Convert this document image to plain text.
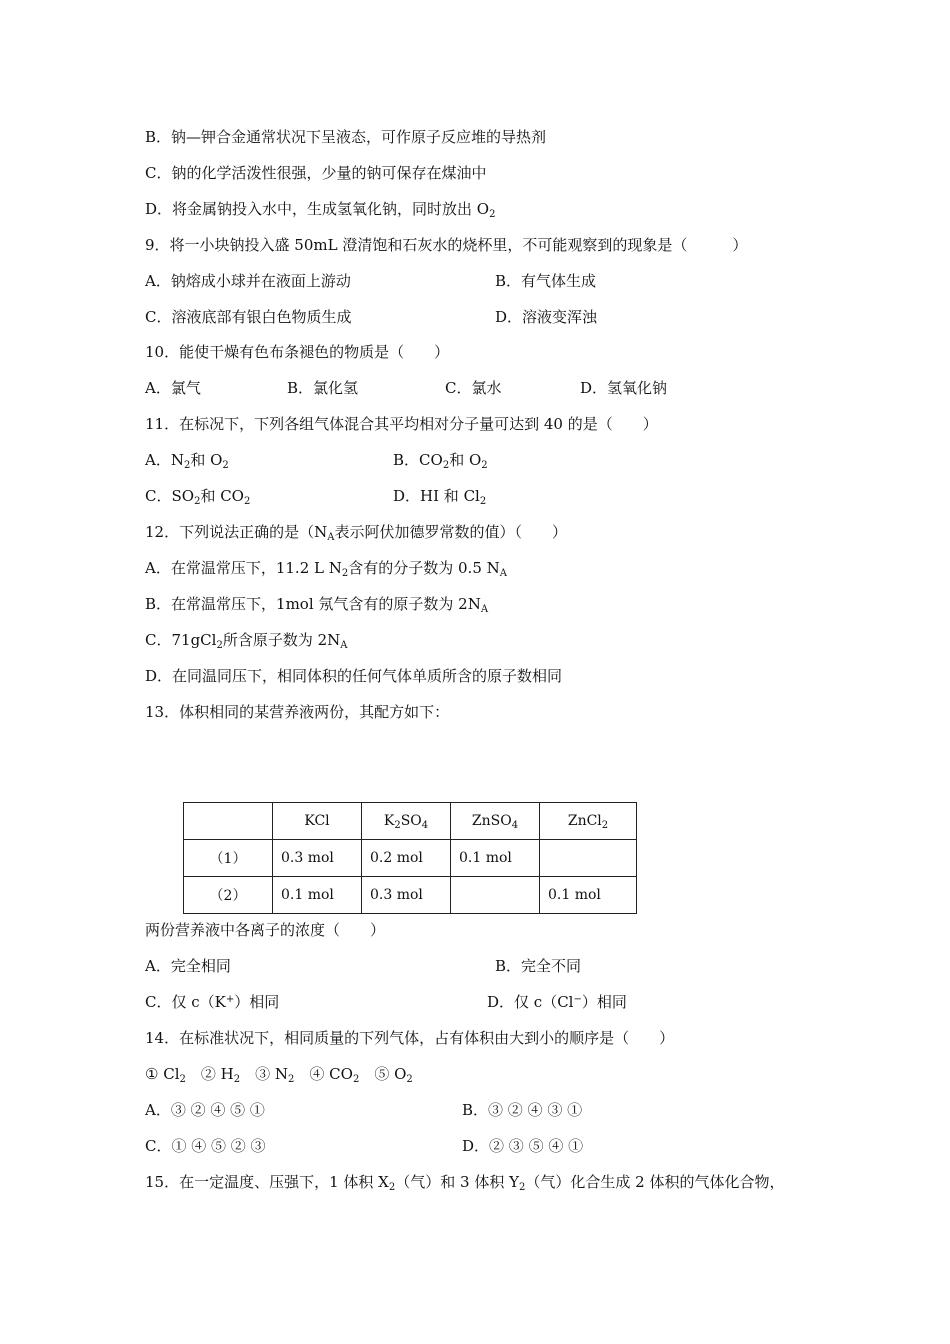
B．钠—钾合金通常状况下呈液态，可作原子反应堆的导热剂
C．钠的化学活泼性很强，少量的钠可保存在煤油中
D．将金属钠投入水中，生成氢氧化钠，同时放出 $O_2$
9．将一小块钠投入盛 50mL 澄清饱和石灰水的烧杯里，不可能观察到的现象是（　　　）
A．钠熔成小球并在液面上游动	B．有气体生成
C．溶液底部有银白色物质生成	D．溶液变浑浊
10．能使干燥有色布条褪色的物质是（　　）
A．氯气	B．氯化氢	C．氯水	D．氢氧化钠
11．在标况下，下列各组气体混合其平均相对分子量可达到 40 的是（　　）
A．$N_2$和 $O_2$	B．$CO_2$和 $O_2$
C．$SO_2$和 $CO_2$	D．HI 和 $Cl_2$
12．下列说法正确的是（$N_A$表示阿伏加德罗常数的值）（　　）
A．在常温常压下，11.2 L $N_2$含有的分子数为 0.5 $N_A$
B．在常温常压下，1mol 氖气含有的原子数为 $2N_A$
C．71gCl$_2$所含原子数为 $2N_A$
D．在同温同压下，相同体积的任何气体单质所含的原子数相同
13．体积相同的某营养液两份，其配方如下：
	KCl	$K_2SO_4$	ZnSO$_4$	ZnCl$_2$
（1）	0.3 mol	0.2 mol	0.1 mol	
（2）	0.1 mol	0.3 mol		0.1 mol
两份营养液中各离子的浓度（　　）
A．完全相同	B．完全不同
C．仅 c（K+）相同	D．仅 c（Cl−）相同
14．在标准状况下，相同质量的下列气体，占有体积由大到小的顺序是（　　）
① $Cl_2$　② $H_2$　③ $N_2$　④ $CO_2$　⑤ $O_2$
A．③ ② ④ ⑤ ①	B．③ ② ④ ③ ①
C．① ④ ⑤ ② ③	D．② ③ ⑤ ④ ①
15．在一定温度、压强下，1 体积 $X_2$（气）和 3 体积 $Y_2$（气）化合生成 2 体积的气体化合物，
